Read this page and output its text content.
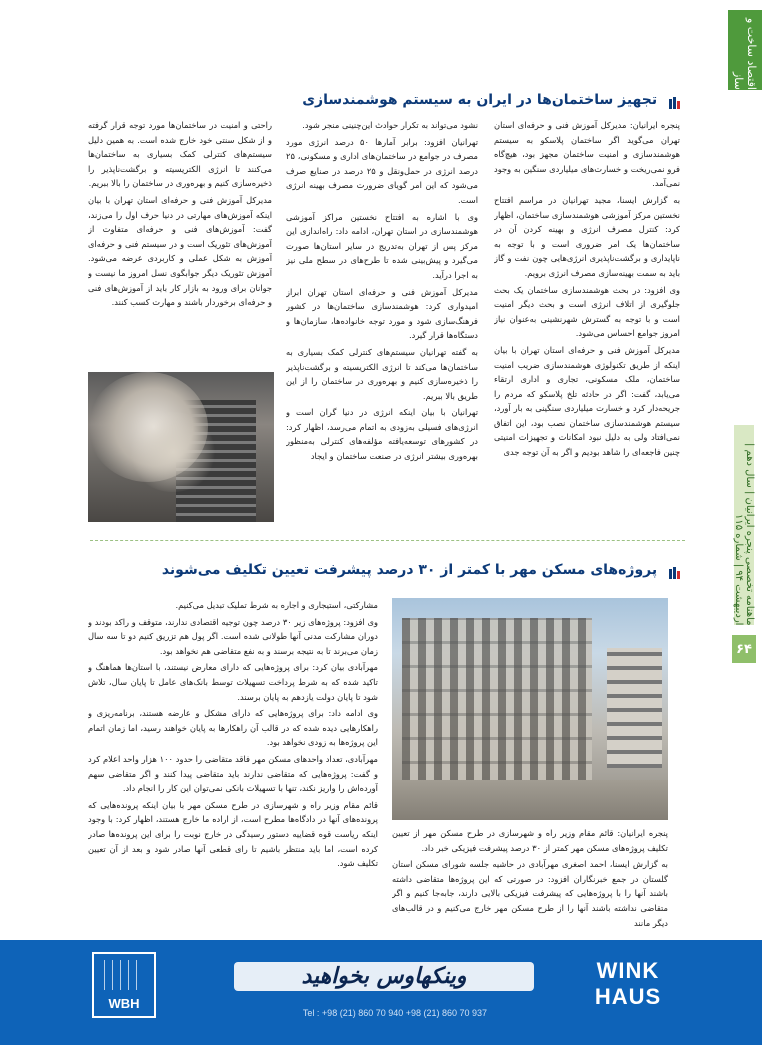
اقتصاد ساخت و ساز
ماهنامه تخصصی پنجره ایرانیان | سال دهم | اردیبهشت ۹۴ | شماره ۱۱۵
۶۴
تجهیز ساختمان‌ها در ایران به سیستم هوشمندسازی

پنجره ایرانیان: مدیرکل آموزش فنی و حرفه‌ای استان تهران می‌گوید اگر ساختمان پلاسکو به سیستم هوشمندسازی و امنیت ساختمان مجهز بود، هیچ‌گاه فرو نمی‌ریخت و خسارت‌های میلیاردی سنگین به وجود نمی‌آمد.

به گزارش ایسنا، مجید تهرانیان در مراسم افتتاح نخستین مرکز آموزشی هوشمندسازی ساختمان، اظهار کرد: کنترل مصرف انرژی و بهینه کردن آن در ساختمان‌ها یک امر ضروری است و با توجه به ناپایداری و برگشت‌ناپذیری انرژی‌هایی چون نفت و گاز باید به سمت بهینه‌سازی مصرف انرژی برویم.

وی افزود: در بحث هوشمندسازی ساختمان یک بحث جلوگیری از اتلاف انرژی است و بحث دیگر امنیت است و با توجه به گسترش شهرنشینی به‌عنوان نیاز امروز جوامع احساس می‌شود.

مدیرکل آموزش فنی و حرفه‌ای استان تهران با بیان اینکه از طریق تکنولوژی هوشمندسازی ضریب امنیت ساختمان، ملک مسکونی، تجاری و اداری ارتقاء می‌یابد، گفت: اگر در حادثه تلخ پلاسکو که مردم را جریحه‌دار کرد و خسارت میلیاردی سنگینی به بار آورد، سیستم هوشمندسازی ساختمان نصب بود، این اتفاق نمی‌افتاد ولی به دلیل نبود امکانات و تجهیزات امنیتی چنین فاجعه‌ای را شاهد بودیم و اگر به آن توجه جدی

نشود می‌تواند به تکرار حوادث این‌چنینی منجر شود.

تهرانیان افزود: برابر آمارها ۵۰ درصد انرژی مورد مصرف در جوامع در ساختمان‌های اداری و مسکونی، ۲۵ درصد انرژی در حمل‌ونقل و ۲۵ درصد در صنایع صرف می‌شود که این امر گویای ضرورت مصرف بهینه انرژی است.

وی با اشاره به افتتاح نخستین مراکز آموزشی هوشمندسازی در استان تهران، ادامه داد: راه‌اندازی این مرکز پس از تهران به‌تدریج در سایر استان‌ها صورت می‌گیرد و پیش‌بینی شده تا طرح‌های در سطح ملی نیز به اجرا درآید.

مدیرکل آموزش فنی و حرفه‌ای استان تهران ابراز امیدواری کرد: هوشمندسازی ساختمان‌ها در کشور فرهنگ‌سازی شود و مورد توجه خانواده‌ها، سازمان‌ها و دستگاه‌ها قرار گیرد.

به گفته تهرانیان سیستم‌های کنترلی کمک بسیاری به ساختمان‌ها می‌کند تا انرژی الکتریسیته و برگشت‌ناپذیر را ذخیره‌سازی کنیم و بهره‌وری در ساختمان را از این طریق بالا ببریم.

تهرانیان با بیان اینکه انرژی در دنیا گران است و انرژی‌های فسیلی به‌زودی به اتمام می‌رسد، اظهار کرد: در کشورهای توسعه‌یافته مؤلفه‌های کنترلی به‌منظور بهره‌وری بیشتر انرژی در صنعت ساختمان و ایجاد

راحتی و امنیت در ساختمان‌ها مورد توجه قرار گرفته و از شکل سنتی خود خارج شده است. به همین دلیل سیستم‌های کنترلی کمک بسیاری به ساختمان‌ها می‌کنند تا انرژی الکتریسیته و برگشت‌ناپذیر را ذخیره‌سازی کنیم و بهره‌وری در ساختمان را بالا ببریم.

مدیرکل آموزش فنی و حرفه‌ای استان تهران با بیان اینکه آموزش‌های مهارتی در دنیا حرف اول را می‌زند، گفت: آموزش‌های فنی و حرفه‌ای متفاوت از آموزش‌های تئوریک است و در سیستم فنی و حرفه‌ای آموزش به شکل عملی و کاربردی عرضه می‌شود. آموزش تئوریک دیگر جوابگوی نسل امروز ما نیست و جوانان برای ورود به بازار کار باید از آموزش‌های فنی و حرفه‌ای برخوردار باشند و مهارت کسب کنند.

پروژه‌های مسکن مهر با کمتر از ۳۰ درصد پیشرفت تعیین تکلیف می‌شوند

پنجره ایرانیان: قائم مقام وزیر راه و شهرسازی در طرح مسکن مهر از تعیین تکلیف پروژه‌های مسکن مهر کمتر از ۳۰ درصد پیشرفت فیزیکی خبر داد.

به گزارش ایسنا، احمد اصغری مهرآبادی در حاشیه جلسه شورای مسکن استان گلستان در جمع خبرنگاران افزود: در صورتی که این پروژه‌ها متقاضی داشته باشند آنها را با پروژه‌هایی که پیشرفت فیزیکی بالایی دارند، جابه‌جا کنیم و اگر متقاضی نداشته باشند آنها را از طرح مسکن مهر خارج می‌کنیم و در قالب‌های دیگر مانند

مشارکتی، استیجاری و اجاره به شرط تملیک تبدیل می‌کنیم.

وی افزود: پروژه‌های زیر ۳۰ درصد چون توجیه اقتصادی ندارند، متوقف و راکد بودند و دوران مشارکت مدنی آنها طولانی شده است. اگر پول هم تزریق کنیم دو تا سه سال زمان می‌برند تا به نتیجه برسند و به نفع متقاضی هم نخواهد بود.

مهرآبادی بیان کرد: برای پروژه‌هایی که دارای معارض نیستند، با استان‌ها هماهنگ و تاکید شده که به شرط پرداخت تسهیلات توسط بانک‌های عامل تا پایان سال، تلاش شود تا پایان دولت یازدهم به پایان برسند.

وی ادامه داد: برای پروژه‌هایی که دارای مشکل و عارضه هستند، برنامه‌ریزی و راهکارهایی دیده شده که در قالب آن راهکارها به پایان خواهند رسید، اما زمان اتمام این پروژه‌ها به زودی نخواهد بود.

مهرآبادی، تعداد واحدهای مسکن مهر فاقد متقاضی را حدود ۱۰۰ هزار واحد اعلام کرد و گفت: پروژه‌هایی که متقاضی ندارند باید متقاضی پیدا کنند و اگر متقاضی سهم آورده‌اش را واریز نکند، تنها با تسهیلات بانکی نمی‌توان این کار را انجام داد.

قائم مقام وزیر راه و شهرسازی در طرح مسکن مهر با بیان اینکه پرونده‌هایی که پرونده‌های آنها در دادگاه‌ها مطرح است، از اراده ما خارج هستند، اظهار کرد: با وجود اینکه ریاست قوه قضاییه دستور رسیدگی در خارج نوبت را برای این پرونده‌ها صادر کرده است، اما باید منتظر باشیم تا رای قطعی آنها صادر شود و بعد از آن تعیین تکلیف شود.

WBH
وینکهاوس بخواهید
Tel : +98 (21) 860 70 940 +98 (21) 860 70 937
WINK
HAUS
